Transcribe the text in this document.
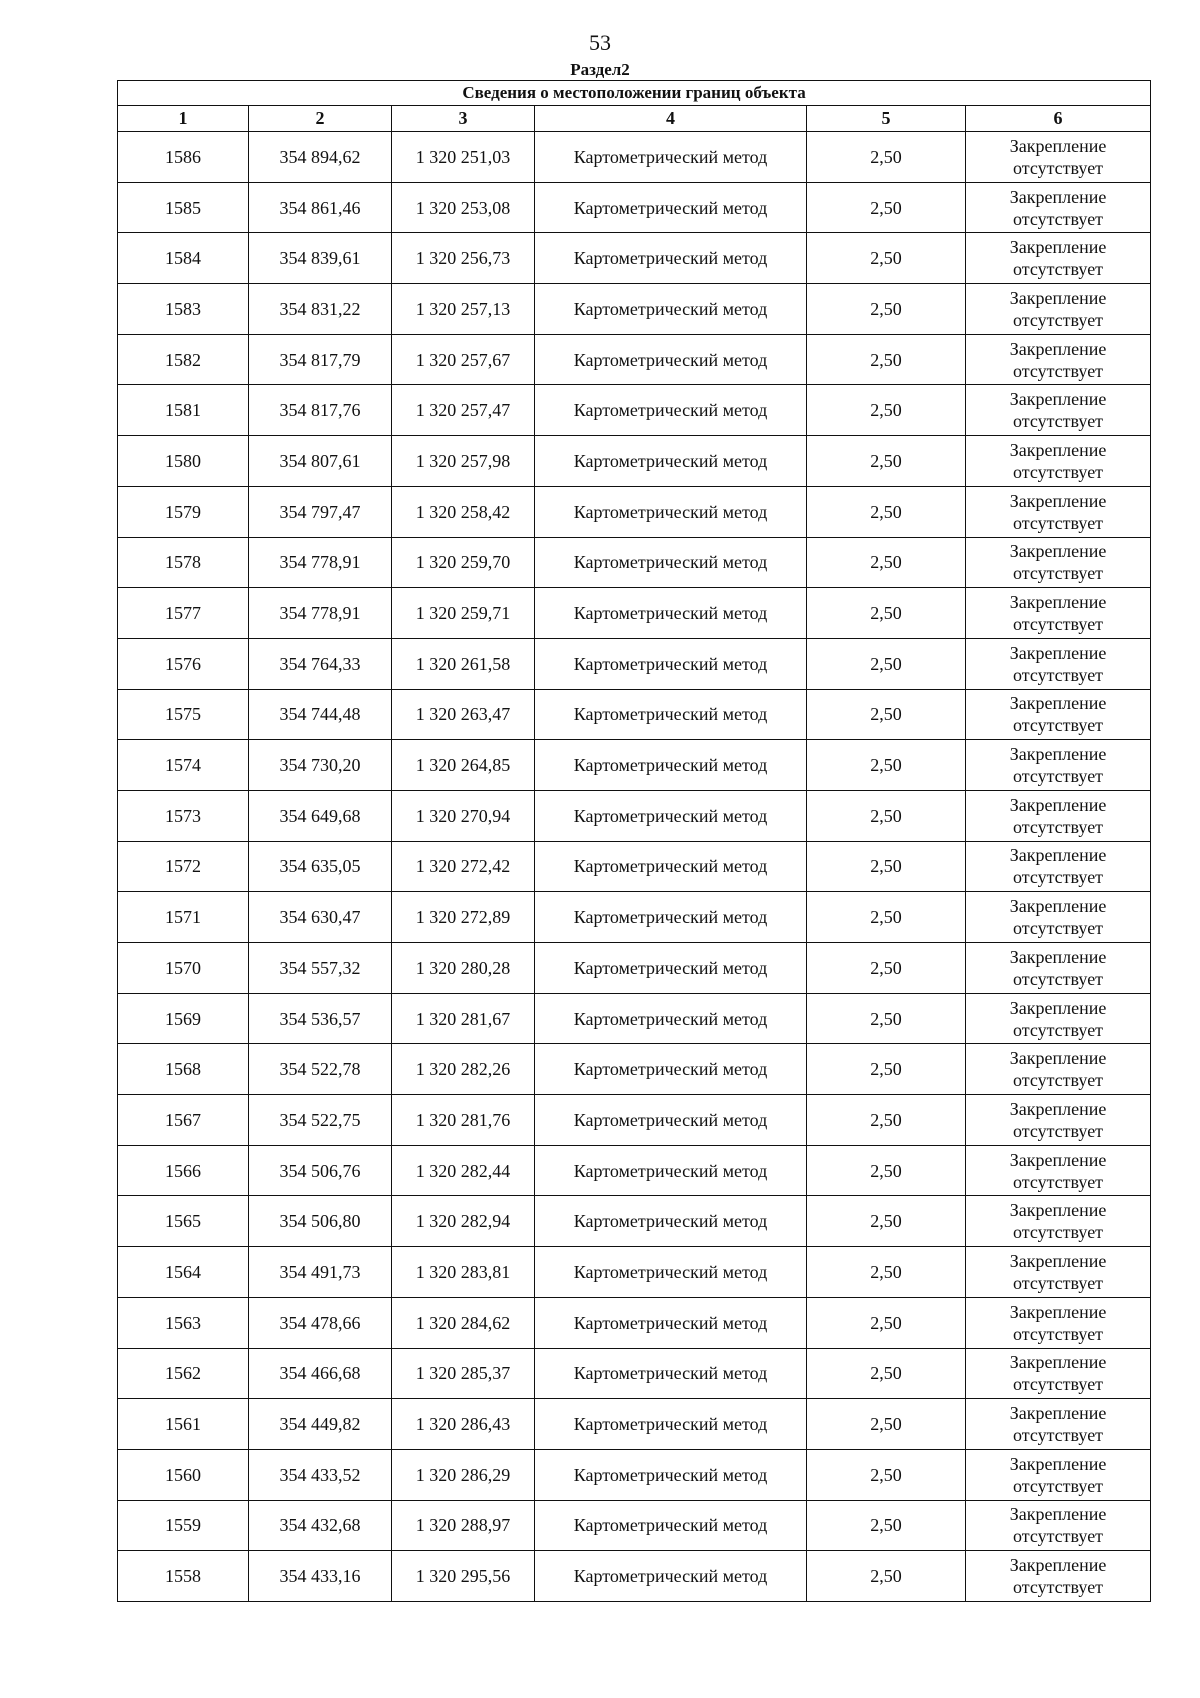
53
Раздел2
Сведения о местоположении границ объекта					
1	2	3	4	5	6
1586	354 894,62	1 320 251,03	Картометрический метод	2,50	Закрепление отсутствует
1585	354 861,46	1 320 253,08	Картометрический метод	2,50	Закрепление отсутствует
1584	354 839,61	1 320 256,73	Картометрический метод	2,50	Закрепление отсутствует
1583	354 831,22	1 320 257,13	Картометрический метод	2,50	Закрепление отсутствует
1582	354 817,79	1 320 257,67	Картометрический метод	2,50	Закрепление отсутствует
1581	354 817,76	1 320 257,47	Картометрический метод	2,50	Закрепление отсутствует
1580	354 807,61	1 320 257,98	Картометрический метод	2,50	Закрепление отсутствует
1579	354 797,47	1 320 258,42	Картометрический метод	2,50	Закрепление отсутствует
1578	354 778,91	1 320 259,70	Картометрический метод	2,50	Закрепление отсутствует
1577	354 778,91	1 320 259,71	Картометрический метод	2,50	Закрепление отсутствует
1576	354 764,33	1 320 261,58	Картометрический метод	2,50	Закрепление отсутствует
1575	354 744,48	1 320 263,47	Картометрический метод	2,50	Закрепление отсутствует
1574	354 730,20	1 320 264,85	Картометрический метод	2,50	Закрепление отсутствует
1573	354 649,68	1 320 270,94	Картометрический метод	2,50	Закрепление отсутствует
1572	354 635,05	1 320 272,42	Картометрический метод	2,50	Закрепление отсутствует
1571	354 630,47	1 320 272,89	Картометрический метод	2,50	Закрепление отсутствует
1570	354 557,32	1 320 280,28	Картометрический метод	2,50	Закрепление отсутствует
1569	354 536,57	1 320 281,67	Картометрический метод	2,50	Закрепление отсутствует
1568	354 522,78	1 320 282,26	Картометрический метод	2,50	Закрепление отсутствует
1567	354 522,75	1 320 281,76	Картометрический метод	2,50	Закрепление отсутствует
1566	354 506,76	1 320 282,44	Картометрический метод	2,50	Закрепление отсутствует
1565	354 506,80	1 320 282,94	Картометрический метод	2,50	Закрепление отсутствует
1564	354 491,73	1 320 283,81	Картометрический метод	2,50	Закрепление отсутствует
1563	354 478,66	1 320 284,62	Картометрический метод	2,50	Закрепление отсутствует
1562	354 466,68	1 320 285,37	Картометрический метод	2,50	Закрепление отсутствует
1561	354 449,82	1 320 286,43	Картометрический метод	2,50	Закрепление отсутствует
1560	354 433,52	1 320 286,29	Картометрический метод	2,50	Закрепление отсутствует
1559	354 432,68	1 320 288,97	Картометрический метод	2,50	Закрепление отсутствует
1558	354 433,16	1 320 295,56	Картометрический метод	2,50	Закрепление отсутствует
